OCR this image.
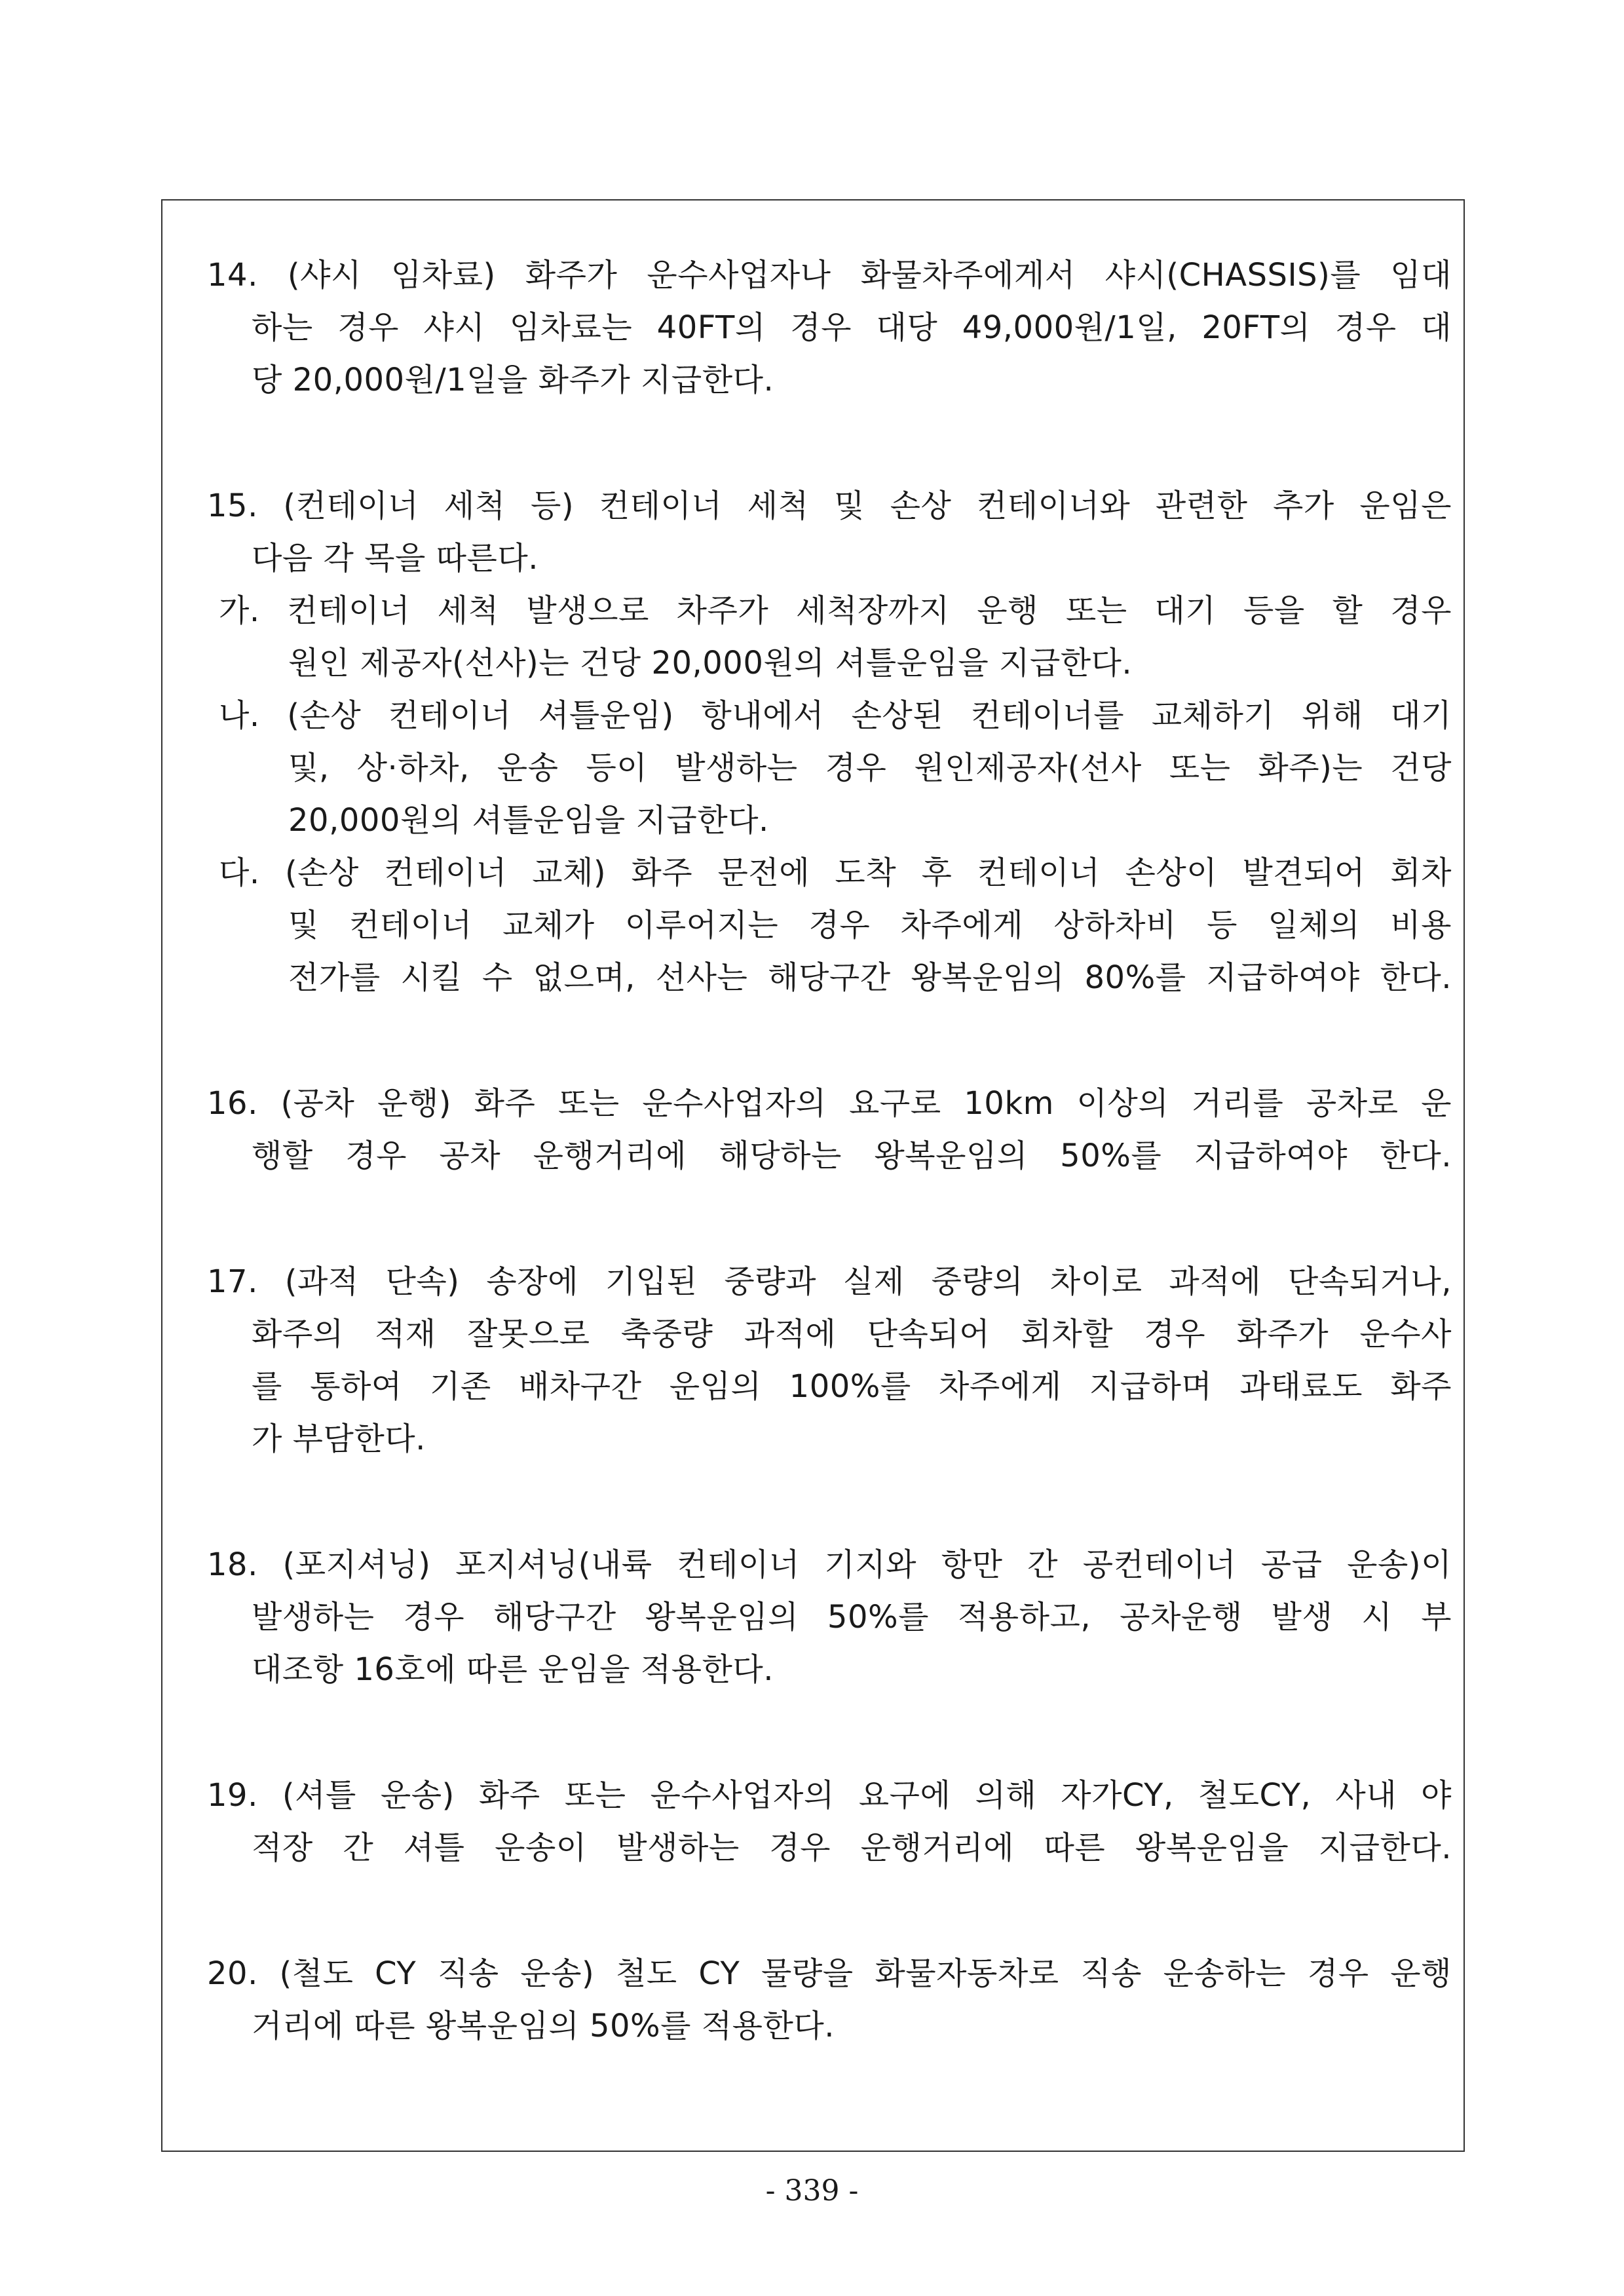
14. (샤시 임차료) 화주가 운수사업자나 화물차주에게서 샤시(CHASSIS)를 임대
하는 경우 샤시 임차료는 40FT의 경우 대당 49,000원/1일, 20FT의 경우 대
당 20,000원/1일을 화주가 지급한다.
15. (컨테이너 세척 등) 컨테이너 세척 및 손상 컨테이너와 관련한 추가 운임은
다음 각 목을 따른다.
가. 컨테이너 세척 발생으로 차주가 세척장까지 운행 또는 대기 등을 할 경우
원인 제공자(선사)는 건당 20,000원의 셔틀운임을 지급한다.
나. (손상 컨테이너 셔틀운임) 항내에서 손상된 컨테이너를 교체하기 위해 대기
및, 상·하차, 운송 등이 발생하는 경우 원인제공자(선사 또는 화주)는 건당
20,000원의 셔틀운임을 지급한다.
다. (손상 컨테이너 교체) 화주 문전에 도착 후 컨테이너 손상이 발견되어 회차
및 컨테이너 교체가 이루어지는 경우 차주에게 상하차비 등 일체의 비용
전가를 시킬 수 없으며, 선사는 해당구간 왕복운임의 80%를 지급하여야 한다.
16. (공차 운행) 화주 또는 운수사업자의 요구로 10km 이상의 거리를 공차로 운
행할 경우 공차 운행거리에 해당하는 왕복운임의 50%를 지급하여야 한다.
17. (과적 단속) 송장에 기입된 중량과 실제 중량의 차이로 과적에 단속되거나,
화주의 적재 잘못으로 축중량 과적에 단속되어 회차할 경우 화주가 운수사
를 통하여 기존 배차구간 운임의 100%를 차주에게 지급하며 과태료도 화주
가 부담한다.
18. (포지셔닝) 포지셔닝(내륙 컨테이너 기지와 항만 간 공컨테이너 공급 운송)이
발생하는 경우 해당구간 왕복운임의 50%를 적용하고, 공차운행 발생 시 부
대조항 16호에 따른 운임을 적용한다.
19. (셔틀 운송) 화주 또는 운수사업자의 요구에 의해 자가CY, 철도CY, 사내 야
적장 간 셔틀 운송이 발생하는 경우 운행거리에 따른 왕복운임을 지급한다.
20. (철도 CY 직송 운송) 철도 CY 물량을 화물자동차로 직송 운송하는 경우 운행
거리에 따른 왕복운임의 50%를 적용한다.
- 339 -
